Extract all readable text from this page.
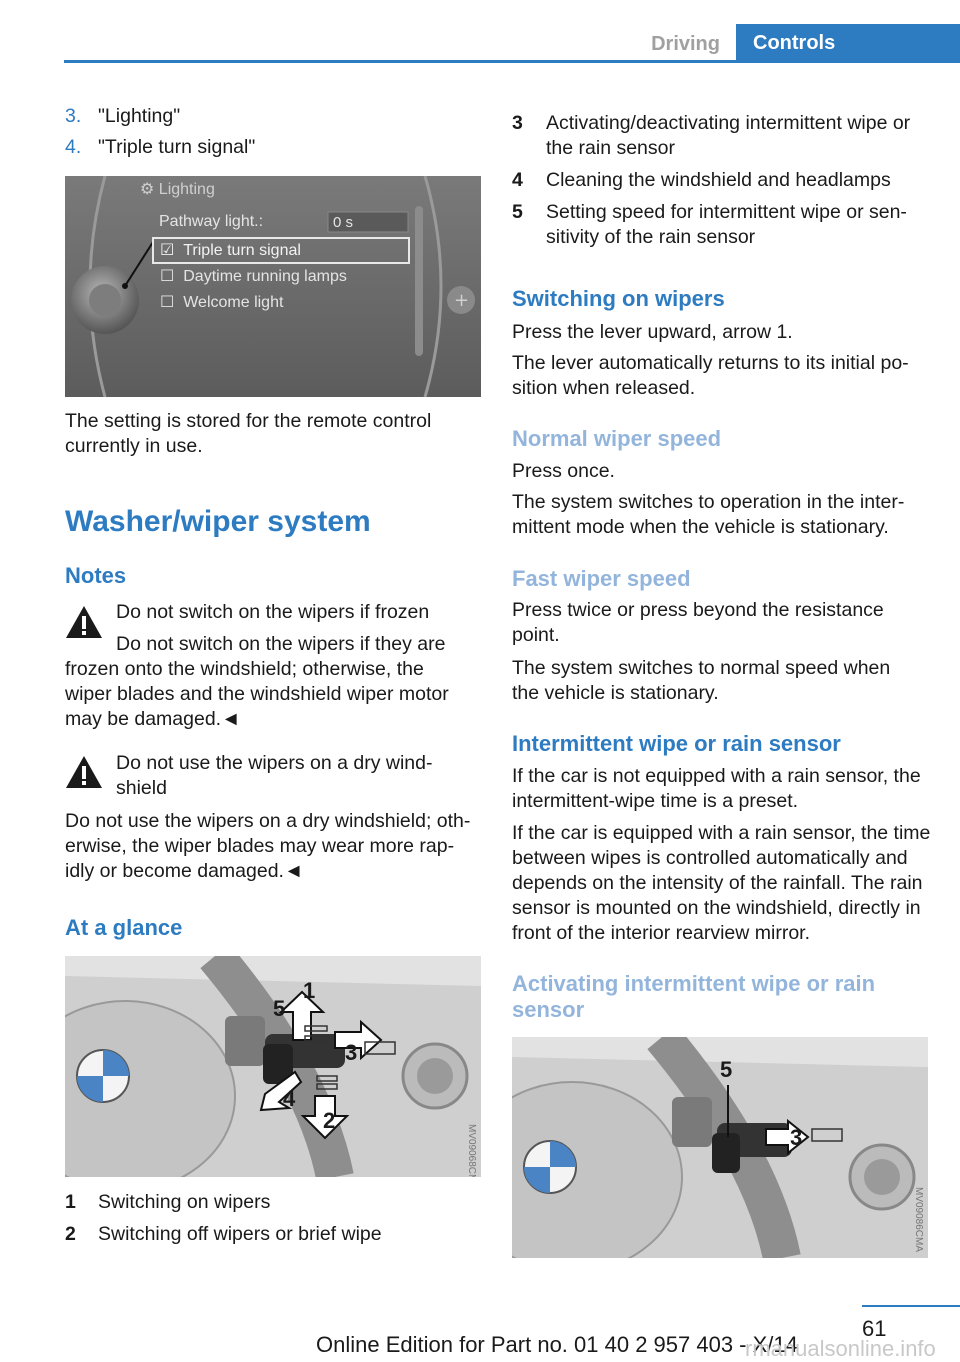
Driving	Controls
3. "Lighting"
4. "Triple turn signal"
+
⚙ Lighting
Pathway light.:	0 s
☑ Triple turn signal
☐ Daytime running lamps
☐ Welcome light

The setting is stored for the remote control currently in use.

Washer/wiper system
Notes

Do not switch on the wipers if frozen

Do not switch on the wipers if they are frozen onto the windshield; otherwise, the wiper blades and the windshield wiper motor may be damaged.◄

Do not use the wipers on a dry wind-shield

Do not use the wipers on a dry windshield; oth-erwise, the wiper blades may wear more rap-idly or become damaged.◄

At a glance
1
2
3
4
5
1 Switching on wipers
2 Switching off wipers or brief wipe
3	Activating/deactivating intermittent wipe or the rain sensor
4	Cleaning the windshield and headlamps
5	Setting speed for intermittent wipe or sen-sitivity of the rain sensor
Switching on wipers

Press the lever upward, arrow 1.

The lever automatically returns to its initial po-sition when released.

Normal wiper speed

Press once.

The system switches to operation in the inter-mittent mode when the vehicle is stationary.

Fast wiper speed

Press twice or press beyond the resistance point.

The system switches to normal speed when the vehicle is stationary.

Intermittent wipe or rain sensor

If the car is not equipped with a rain sensor, the intermittent-wipe time is a preset.

If the car is equipped with a rain sensor, the time between wipes is controlled automatically and depends on the intensity of the rainfall. The rain sensor is mounted on the windshield, directly in front of the interior rearview mirror.

Activating intermittent wipe or rain sensor
5
3
61
Online Edition for Part no. 01 40 2 957 403 - X/14
rmanualsonline.info
